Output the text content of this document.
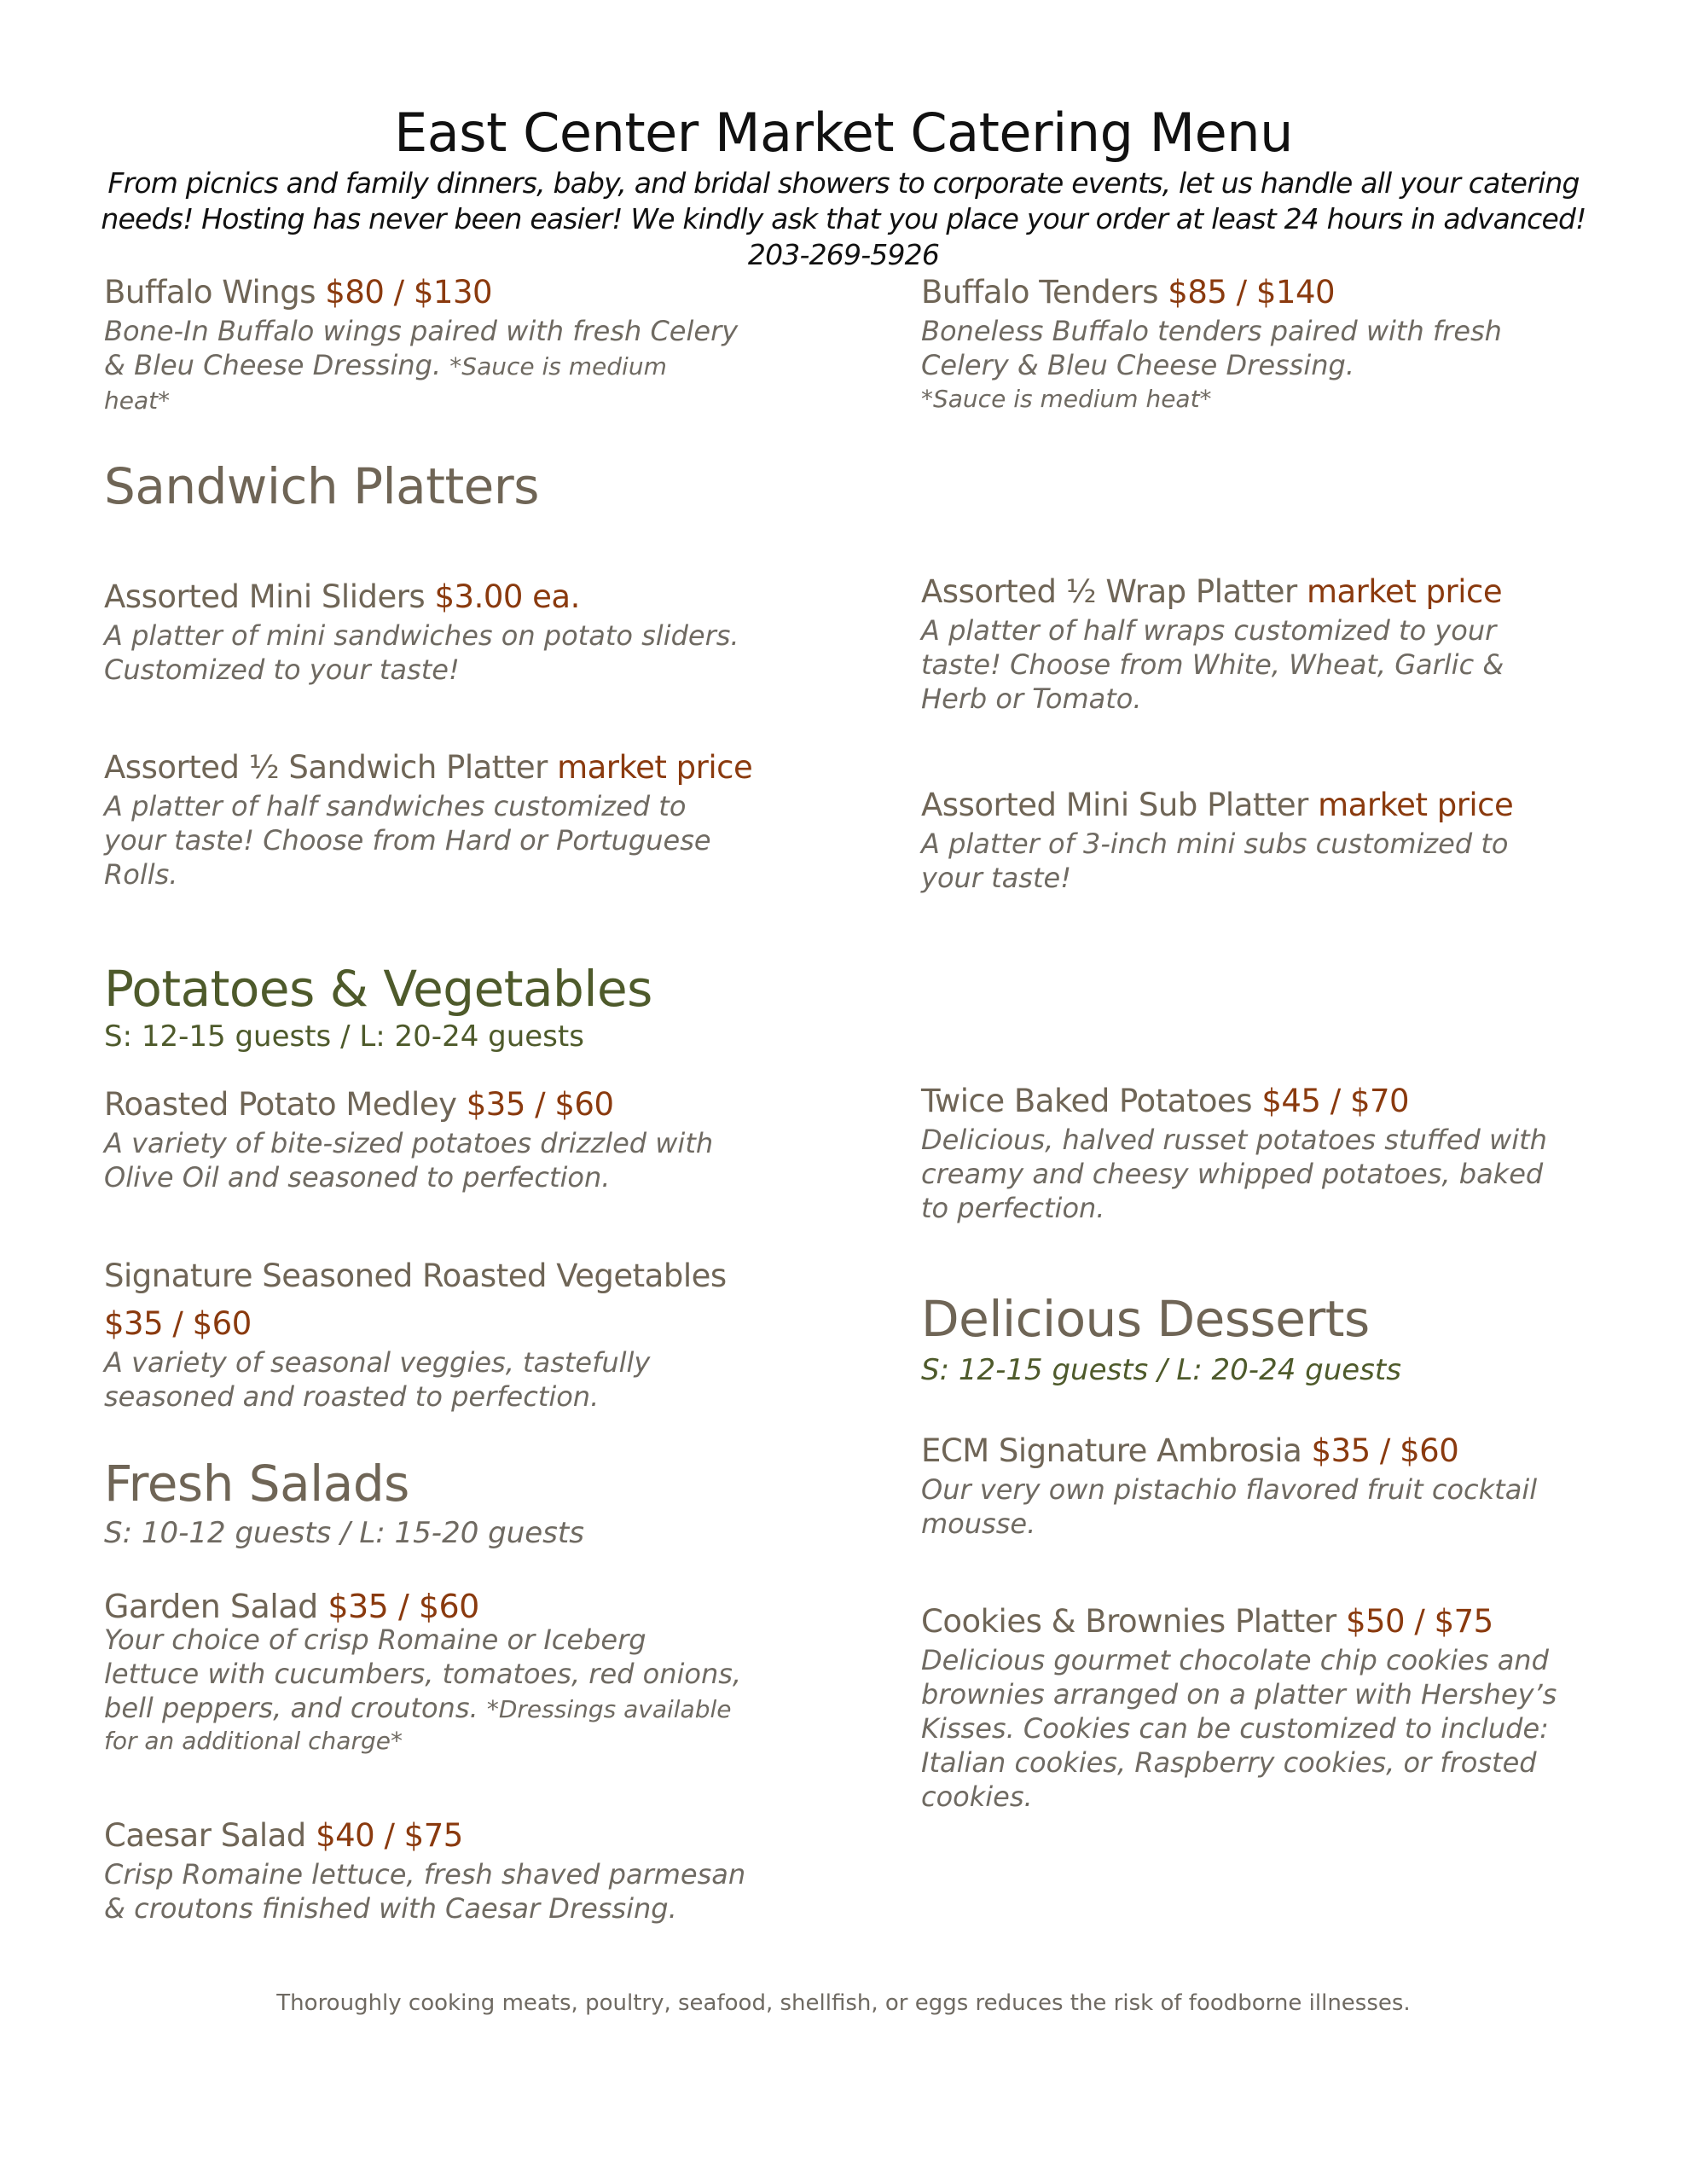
East Center Market Catering Menu
From picnics and family dinners, baby, and bridal showers to corporate events, let us handle all your catering
needs! Hosting has never been easier! We kindly ask that you place your order at least 24 hours in advanced!
203-269-5926
Buffalo Wings $80 / $130
Bone-In Buffalo wings paired with fresh Celery
& Bleu Cheese Dressing. *Sauce is medium
heat*
Buffalo Tenders $85 / $140
Boneless Buffalo tenders paired with fresh
Celery & Bleu Cheese Dressing.
*Sauce is medium heat*
Sandwich Platters
Assorted Mini Sliders $3.00 ea.
A platter of mini sandwiches on potato sliders.
Customized to your taste!
Assorted ½ Wrap Platter market price
A platter of half wraps customized to your
taste! Choose from White, Wheat, Garlic &
Herb or Tomato.
Assorted ½ Sandwich Platter market price
A platter of half sandwiches customized to
your taste! Choose from Hard or Portuguese
Rolls.
Assorted Mini Sub Platter market price
A platter of 3-inch mini subs customized to
your taste!
Potatoes & Vegetables
S: 12-15 guests / L: 20-24 guests
Roasted Potato Medley $35 / $60
A variety of bite-sized potatoes drizzled with
Olive Oil and seasoned to perfection.
Twice Baked Potatoes $45 / $70
Delicious, halved russet potatoes stuffed with
creamy and cheesy whipped potatoes, baked
to perfection.
Signature Seasoned Roasted Vegetables
$35 / $60
A variety of seasonal veggies, tastefully
seasoned and roasted to perfection.
Delicious Desserts
S: 12-15 guests / L: 20-24 guests
ECM Signature Ambrosia $35 / $60
Our very own pistachio flavored fruit cocktail
mousse.
Fresh Salads
S: 10-12 guests / L: 15-20 guests
Garden Salad $35 / $60
Your choice of crisp Romaine or Iceberg
lettuce with cucumbers, tomatoes, red onions,
bell peppers, and croutons. *Dressings available
for an additional charge*
Cookies & Brownies Platter $50 / $75
Delicious gourmet chocolate chip cookies and
brownies arranged on a platter with Hershey’s
Kisses. Cookies can be customized to include:
Italian cookies, Raspberry cookies, or frosted
cookies.
Caesar Salad $40 / $75
Crisp Romaine lettuce, fresh shaved parmesan
& croutons finished with Caesar Dressing.
Thoroughly cooking meats, poultry, seafood, shellfish, or eggs reduces the risk of foodborne illnesses.
